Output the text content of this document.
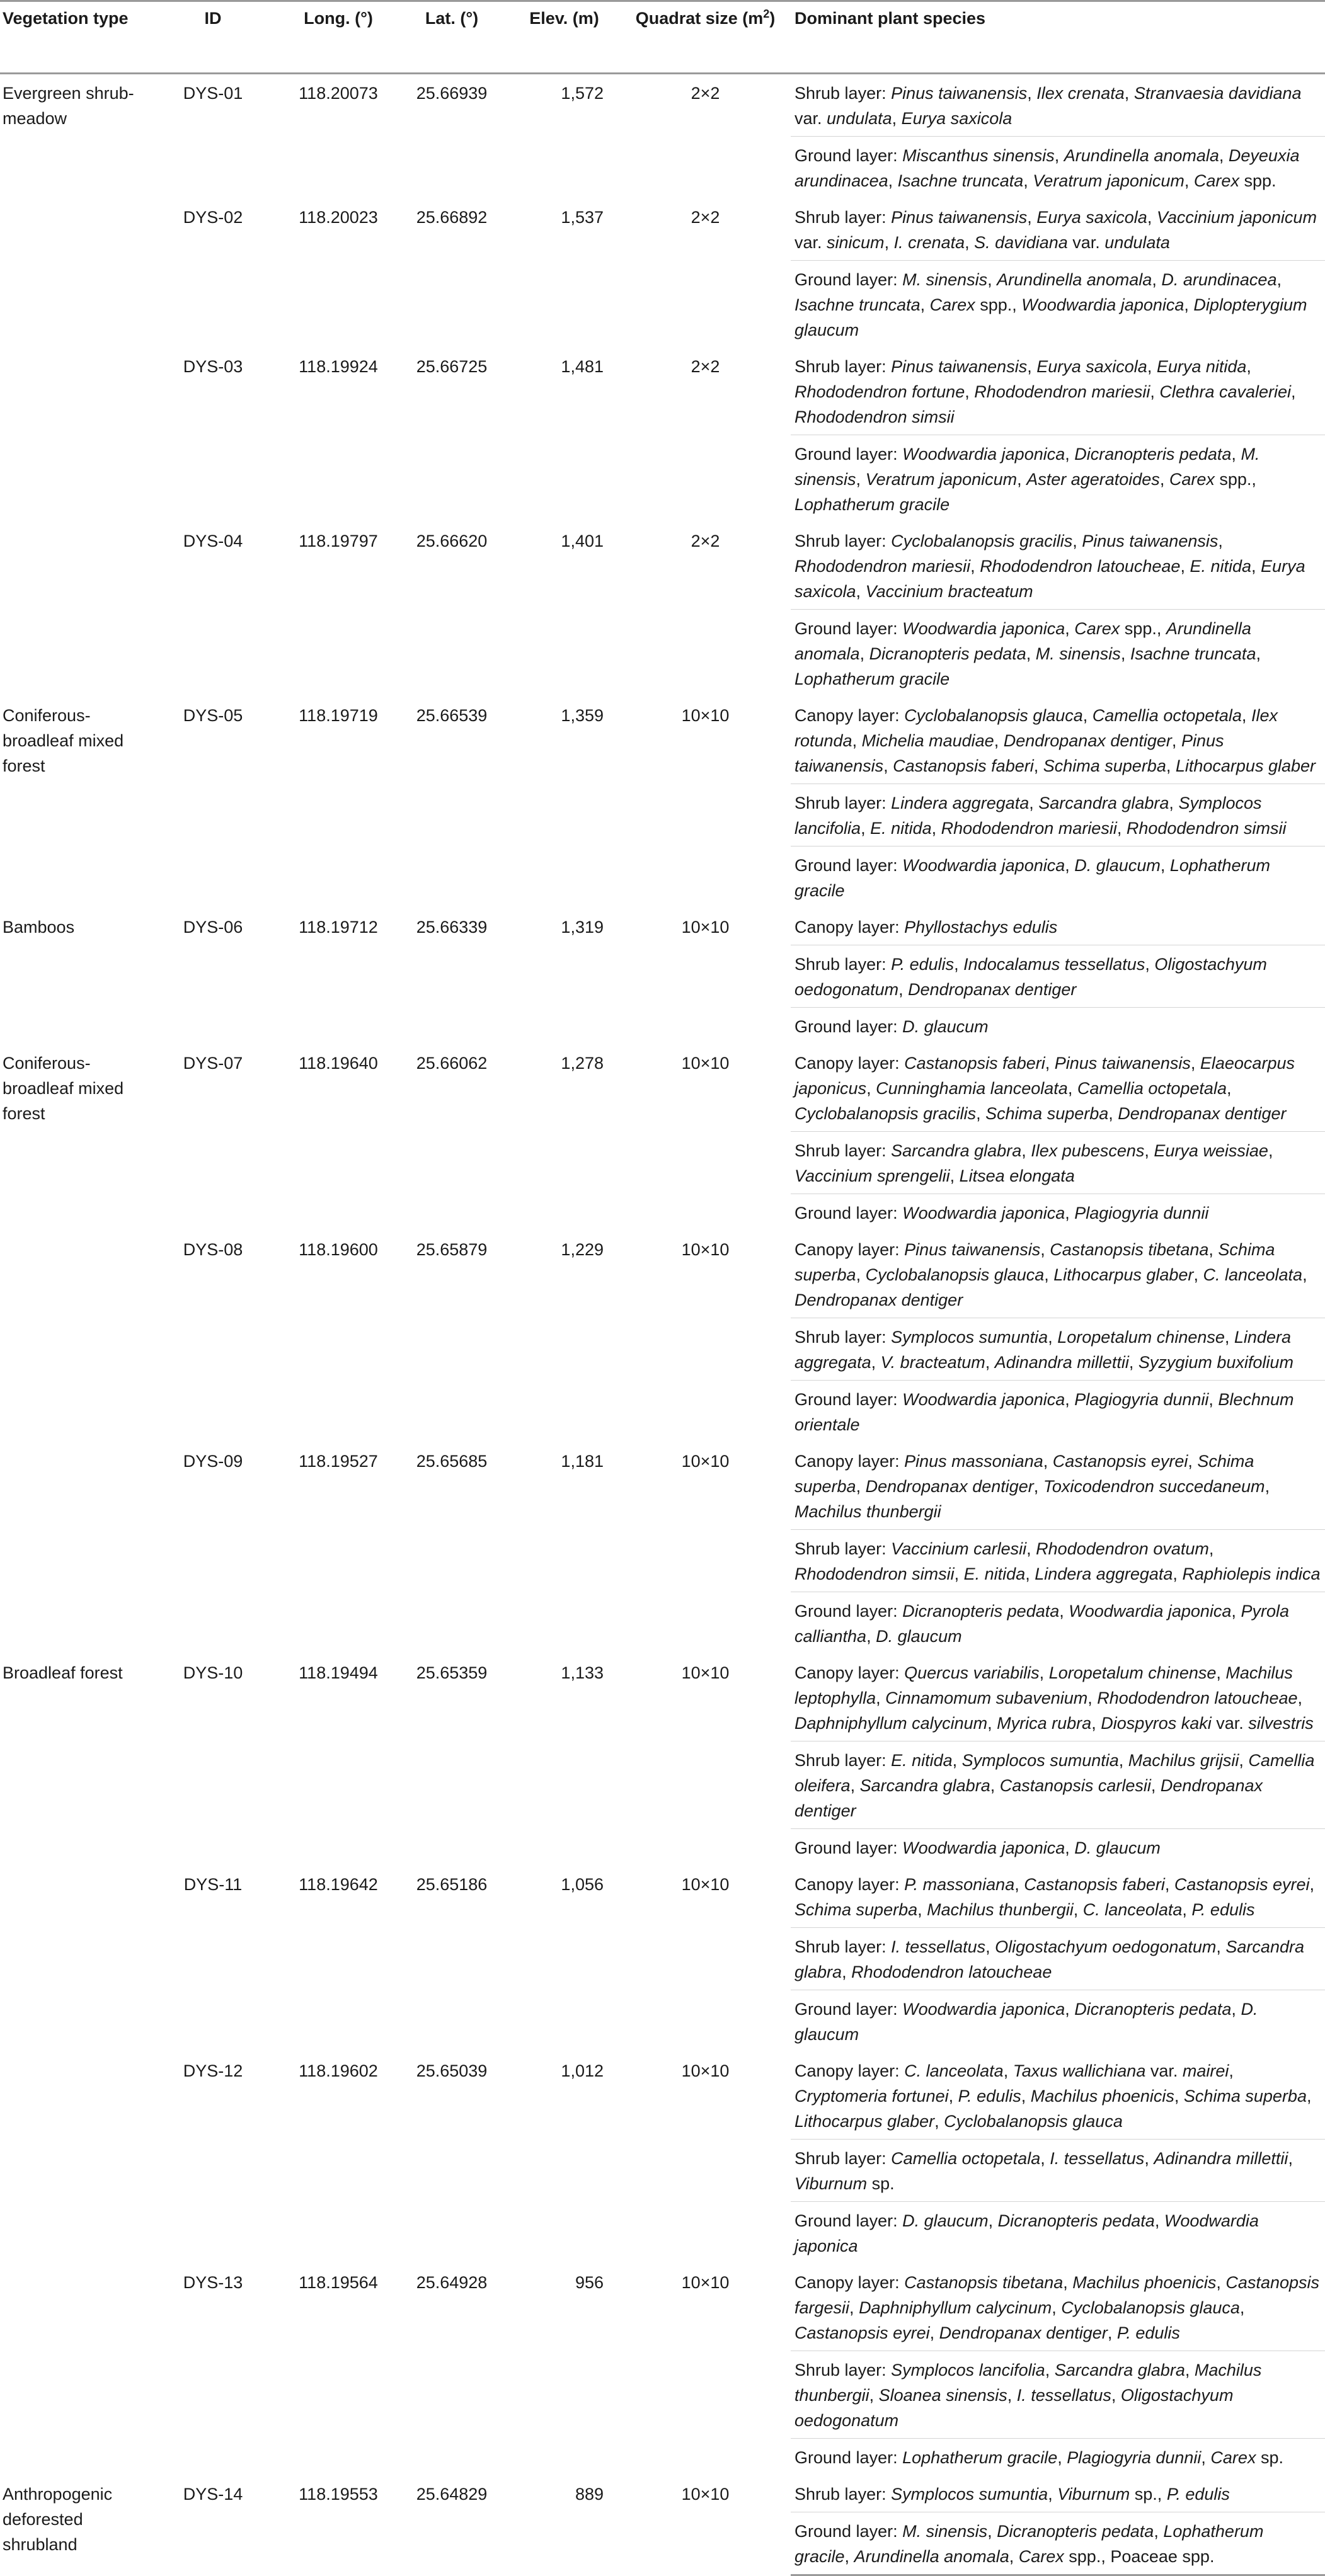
Vegetation type	ID	Long. (°)	Lat. (°)	Elev. (m)	Quadrat size $(m^2)$	Dominant plant species
Evergreen shrub-meadow	DYS-01	118.20073	25.66939	1,572	2×2	Shrub layer: Pinus taiwanensis, Ilex crenata, Stranvaesia davidiana var. undulata, Eurya saxicola
						Ground layer: Miscanthus sinensis, Arundinella anomala, Deyeuxia arundinacea, Isachne truncata, Veratrum japonicum, Carex spp.
	DYS-02	118.20023	25.66892	1,537	2×2	Shrub layer: Pinus taiwanensis, Eurya saxicola, Vaccinium japonicum var. sinicum, I. crenata, S. davidiana var. undulata
						Ground layer: M. sinensis, Arundinella anomala, D. arundinacea, Isachne truncata, Carex spp., Woodwardia japonica, Diplopterygium glaucum
	DYS-03	118.19924	25.66725	1,481	2×2	Shrub layer: Pinus taiwanensis, Eurya saxicola, Eurya nitida, Rhododendron fortune, Rhododendron mariesii, Clethra cavaleriei, Rhododendron simsii
						Ground layer: Woodwardia japonica, Dicranopteris pedata, M. sinensis, Veratrum japonicum, Aster ageratoides, Carex spp., Lophatherum gracile
	DYS-04	118.19797	25.66620	1,401	2×2	Shrub layer: Cyclobalanopsis gracilis, Pinus taiwanensis, Rhododendron mariesii, Rhododendron latoucheae, E. nitida, Eurya saxicola, Vaccinium bracteatum
						Ground layer: Woodwardia japonica, Carex spp., Arundinella anomala, Dicranopteris pedata, M. sinensis, Isachne truncata, Lophatherum gracile
Coniferous-broadleaf mixed forest	DYS-05	118.19719	25.66539	1,359	10×10	Canopy layer: Cyclobalanopsis glauca, Camellia octopetala, Ilex rotunda, Michelia maudiae, Dendropanax dentiger, Pinus taiwanensis, Castanopsis faberi, Schima superba, Lithocarpus glaber
						Shrub layer: Lindera aggregata, Sarcandra glabra, Symplocos lancifolia, E. nitida, Rhododendron mariesii, Rhododendron simsii
						Ground layer: Woodwardia japonica, D. glaucum, Lophatherum gracile
Bamboos	DYS-06	118.19712	25.66339	1,319	10×10	Canopy layer: Phyllostachys edulis
						Shrub layer: P. edulis, Indocalamus tessellatus, Oligostachyum oedogonatum, Dendropanax dentiger
						Ground layer: D. glaucum
Coniferous-broadleaf mixed forest	DYS-07	118.19640	25.66062	1,278	10×10	Canopy layer: Castanopsis faberi, Pinus taiwanensis, Elaeocarpus japonicus, Cunninghamia lanceolata, Camellia octopetala, Cyclobalanopsis gracilis, Schima superba, Dendropanax dentiger
						Shrub layer: Sarcandra glabra, Ilex pubescens, Eurya weissiae, Vaccinium sprengelii, Litsea elongata
						Ground layer: Woodwardia japonica, Plagiogyria dunnii
	DYS-08	118.19600	25.65879	1,229	10×10	Canopy layer: Pinus taiwanensis, Castanopsis tibetana, Schima superba, Cyclobalanopsis glauca, Lithocarpus glaber, C. lanceolata, Dendropanax dentiger
						Shrub layer: Symplocos sumuntia, Loropetalum chinense, Lindera aggregata, V. bracteatum, Adinandra millettii, Syzygium buxifolium
						Ground layer: Woodwardia japonica, Plagiogyria dunnii, Blechnum orientale
	DYS-09	118.19527	25.65685	1,181	10×10	Canopy layer: Pinus massoniana, Castanopsis eyrei, Schima superba, Dendropanax dentiger, Toxicodendron succedaneum, Machilus thunbergii
						Shrub layer: Vaccinium carlesii, Rhododendron ovatum, Rhododendron simsii, E. nitida, Lindera aggregata, Raphiolepis indica
						Ground layer: Dicranopteris pedata, Woodwardia japonica, Pyrola calliantha, D. glaucum
Broadleaf forest	DYS-10	118.19494	25.65359	1,133	10×10	Canopy layer: Quercus variabilis, Loropetalum chinense, Machilus leptophylla, Cinnamomum subavenium, Rhododendron latoucheae, Daphniphyllum calycinum, Myrica rubra, Diospyros kaki var. silvestris
						Shrub layer: E. nitida, Symplocos sumuntia, Machilus grijsii, Camellia oleifera, Sarcandra glabra, Castanopsis carlesii, Dendropanax dentiger
						Ground layer: Woodwardia japonica, D. glaucum
	DYS-11	118.19642	25.65186	1,056	10×10	Canopy layer: P. massoniana, Castanopsis faberi, Castanopsis eyrei, Schima superba, Machilus thunbergii, C. lanceolata, P. edulis
						Shrub layer: I. tessellatus, Oligostachyum oedogonatum, Sarcandra glabra, Rhododendron latoucheae
						Ground layer: Woodwardia japonica, Dicranopteris pedata, D. glaucum
	DYS-12	118.19602	25.65039	1,012	10×10	Canopy layer: C. lanceolata, Taxus wallichiana var. mairei, Cryptomeria fortunei, P. edulis, Machilus phoenicis, Schima superba, Lithocarpus glaber, Cyclobalanopsis glauca
						Shrub layer: Camellia octopetala, I. tessellatus, Adinandra millettii, Viburnum sp.
						Ground layer: D. glaucum, Dicranopteris pedata, Woodwardia japonica
	DYS-13	118.19564	25.64928	956	10×10	Canopy layer: Castanopsis tibetana, Machilus phoenicis, Castanopsis fargesii, Daphniphyllum calycinum, Cyclobalanopsis glauca, Castanopsis eyrei, Dendropanax dentiger, P. edulis
						Shrub layer: Symplocos lancifolia, Sarcandra glabra, Machilus thunbergii, Sloanea sinensis, I. tessellatus, Oligostachyum oedogonatum
						Ground layer: Lophatherum gracile, Plagiogyria dunnii, Carex sp.
Anthropogenic deforested shrubland	DYS-14	118.19553	25.64829	889	10×10	Shrub layer: Symplocos sumuntia, Viburnum sp., P. edulis
						Ground layer: M. sinensis, Dicranopteris pedata, Lophatherum gracile, Arundinella anomala, Carex spp., Poaceae spp.
